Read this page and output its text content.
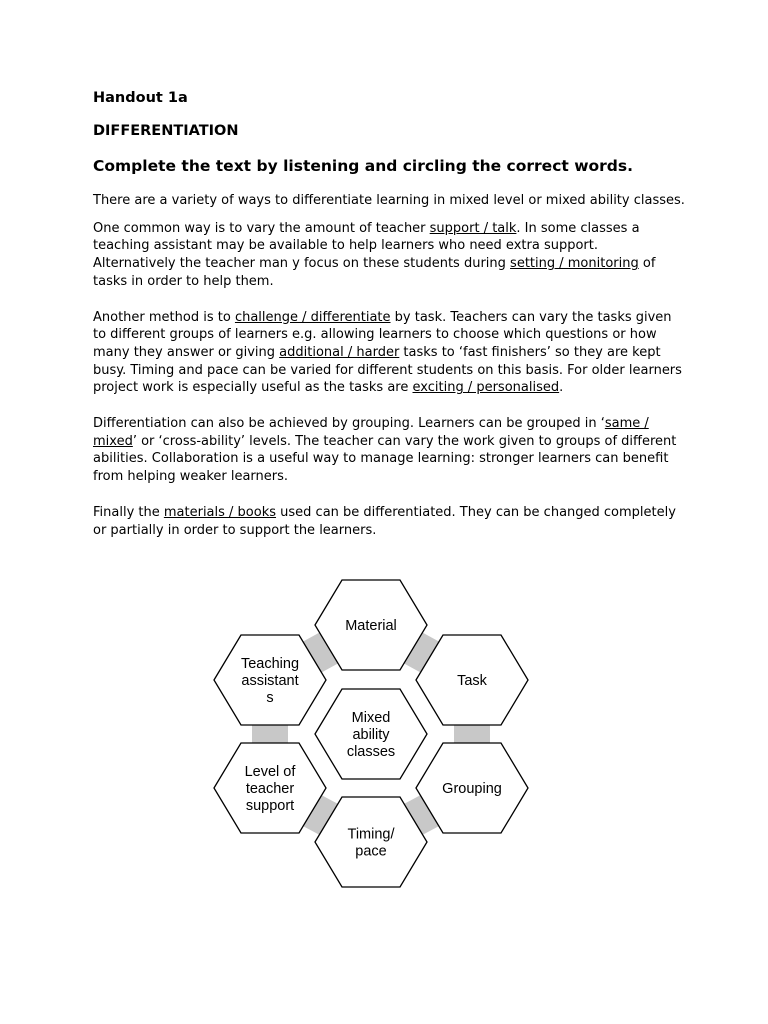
Handout 1a
DIFFERENTIATION
Complete the text by listening and circling the correct words.

There are a variety of ways to differentiate learning in mixed level or mixed ability classes.

One common way is to vary the amount of teacher support / talk. In some classes a teaching assistant may be available to help learners who need extra support. Alternatively the teacher man y focus on these students during setting / monitoring of tasks in order to help them.

Another method is to challenge / differentiate by task. Teachers can vary the tasks given to different groups of learners e.g. allowing learners to choose which questions or how many they answer or giving additional / harder tasks to ‘fast finishers’ so they are kept busy. Timing and pace can be varied for different students on this basis. For older learners project work is especially useful as the tasks are exciting / personalised.

Differentiation can also be achieved by grouping. Learners can be grouped in ‘same / mixed’ or ‘cross-ability’ levels. The teacher can vary the work given to groups of different abilities. Collaboration is a useful way to manage learning: stronger learners can benefit from helping weaker learners.

Finally the materials / books used can be differentiated. They can be changed completely or partially in order to support the learners.

Material
Task
Grouping
Timing/
pace
Level of
teacher
support
Teaching
assistant
s
Mixed
ability
classes
